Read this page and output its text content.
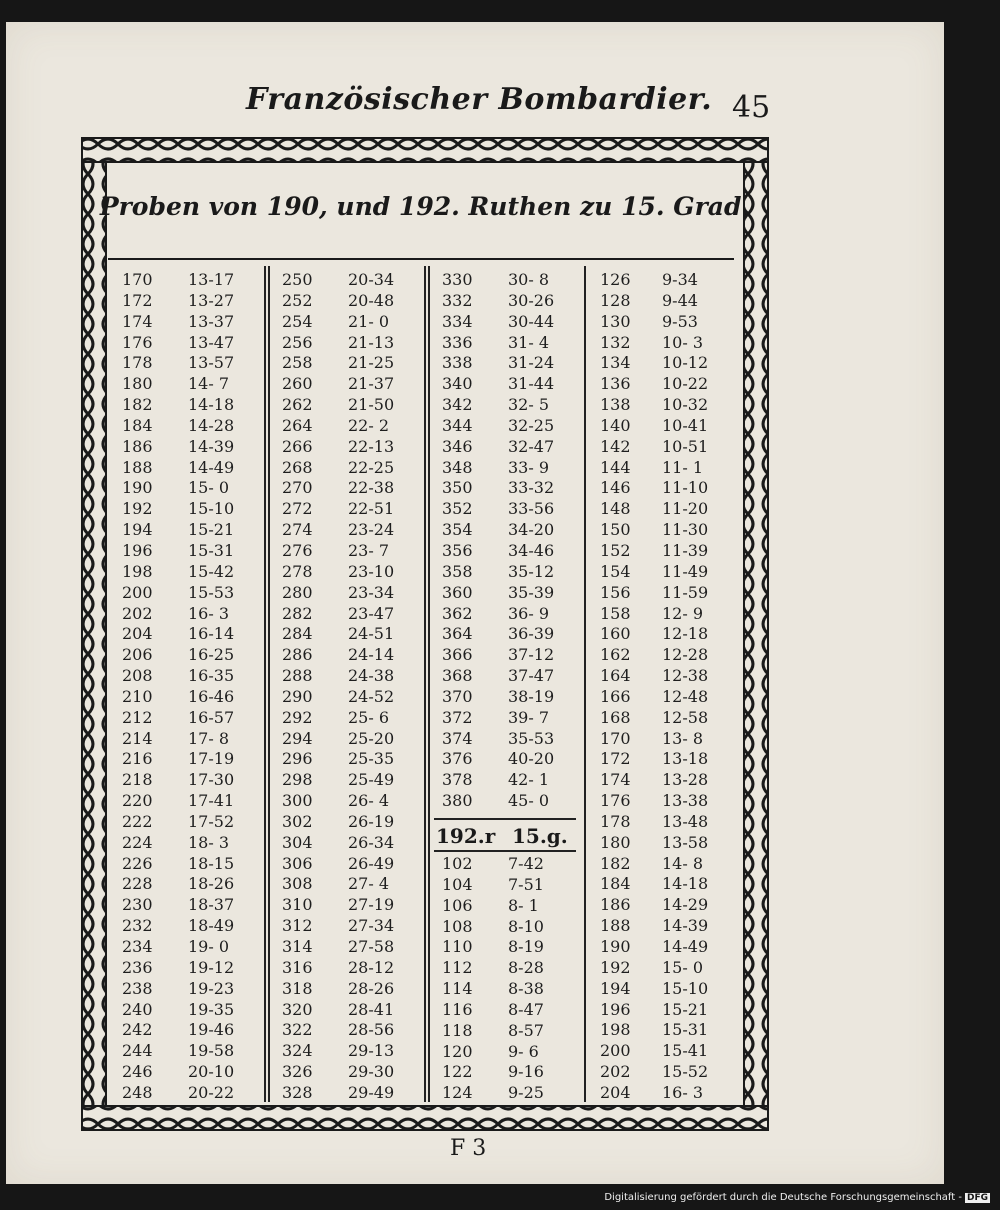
Französischer Bombardier. 45
Proben von 190, und 192. Ruthen zu 15. Grad.
170
172
174
176
178
180
182
184
186
188
190
192
194
196
198
200
202
204
206
208
210
212
214
216
218
220
222
224
226
228
230
232
234
236
238
240
242
244
246
248
13-17
13-27
13-37
13-47
13-57
14- 7
14-18
14-28
14-39
14-49
15- 0
15-10
15-21
15-31
15-42
15-53
16- 3
16-14
16-25
16-35
16-46
16-57
17- 8
17-19
17-30
17-41
17-52
18- 3
18-15
18-26
18-37
18-49
19- 0
19-12
19-23
19-35
19-46
19-58
20-10
20-22
250
252
254
256
258
260
262
264
266
268
270
272
274
276
278
280
282
284
286
288
290
292
294
296
298
300
302
304
306
308
310
312
314
316
318
320
322
324
326
328
20-34
20-48
21- 0
21-13
21-25
21-37
21-50
22- 2
22-13
22-25
22-38
22-51
23-24
23- 7
23-10
23-34
23-47
24-51
24-14
24-38
24-52
25- 6
25-20
25-35
25-49
26- 4
26-19
26-34
26-49
27- 4
27-19
27-34
27-58
28-12
28-26
28-41
28-56
29-13
29-30
29-49
330
332
334
336
338
340
342
344
346
348
350
352
354
356
358
360
362
364
366
368
370
372
374
376
378
380
30- 8
30-26
30-44
31- 4
31-24
31-44
32- 5
32-25
32-47
33- 9
33-32
33-56
34-20
34-46
35-12
35-39
36- 9
36-39
37-12
37-47
38-19
39- 7
35-53
40-20
42- 1
45- 0
102
104
106
108
110
112
114
116
118
120
122
124
7-42
7-51
8- 1
8-10
8-19
8-28
8-38
8-47
8-57
9- 6
9-16
9-25
126
128
130
132
134
136
138
140
142
144
146
148
150
152
154
156
158
160
162
164
166
168
170
172
174
176
178
180
182
184
186
188
190
192
194
196
198
200
202
204
9-34
9-44
9-53
10- 3
10-12
10-22
10-32
10-41
10-51
11- 1
11-10
11-20
11-30
11-39
11-49
11-59
12- 9
12-18
12-28
12-38
12-48
12-58
13- 8
13-18
13-28
13-38
13-48
13-58
14- 8
14-18
14-29
14-39
14-49
15- 0
15-10
15-21
15-31
15-41
15-52
16- 3
192.r 15.g.
F 3
Digitalisierung gefördert durch die Deutsche Forschungsgemeinschaft - DFG
